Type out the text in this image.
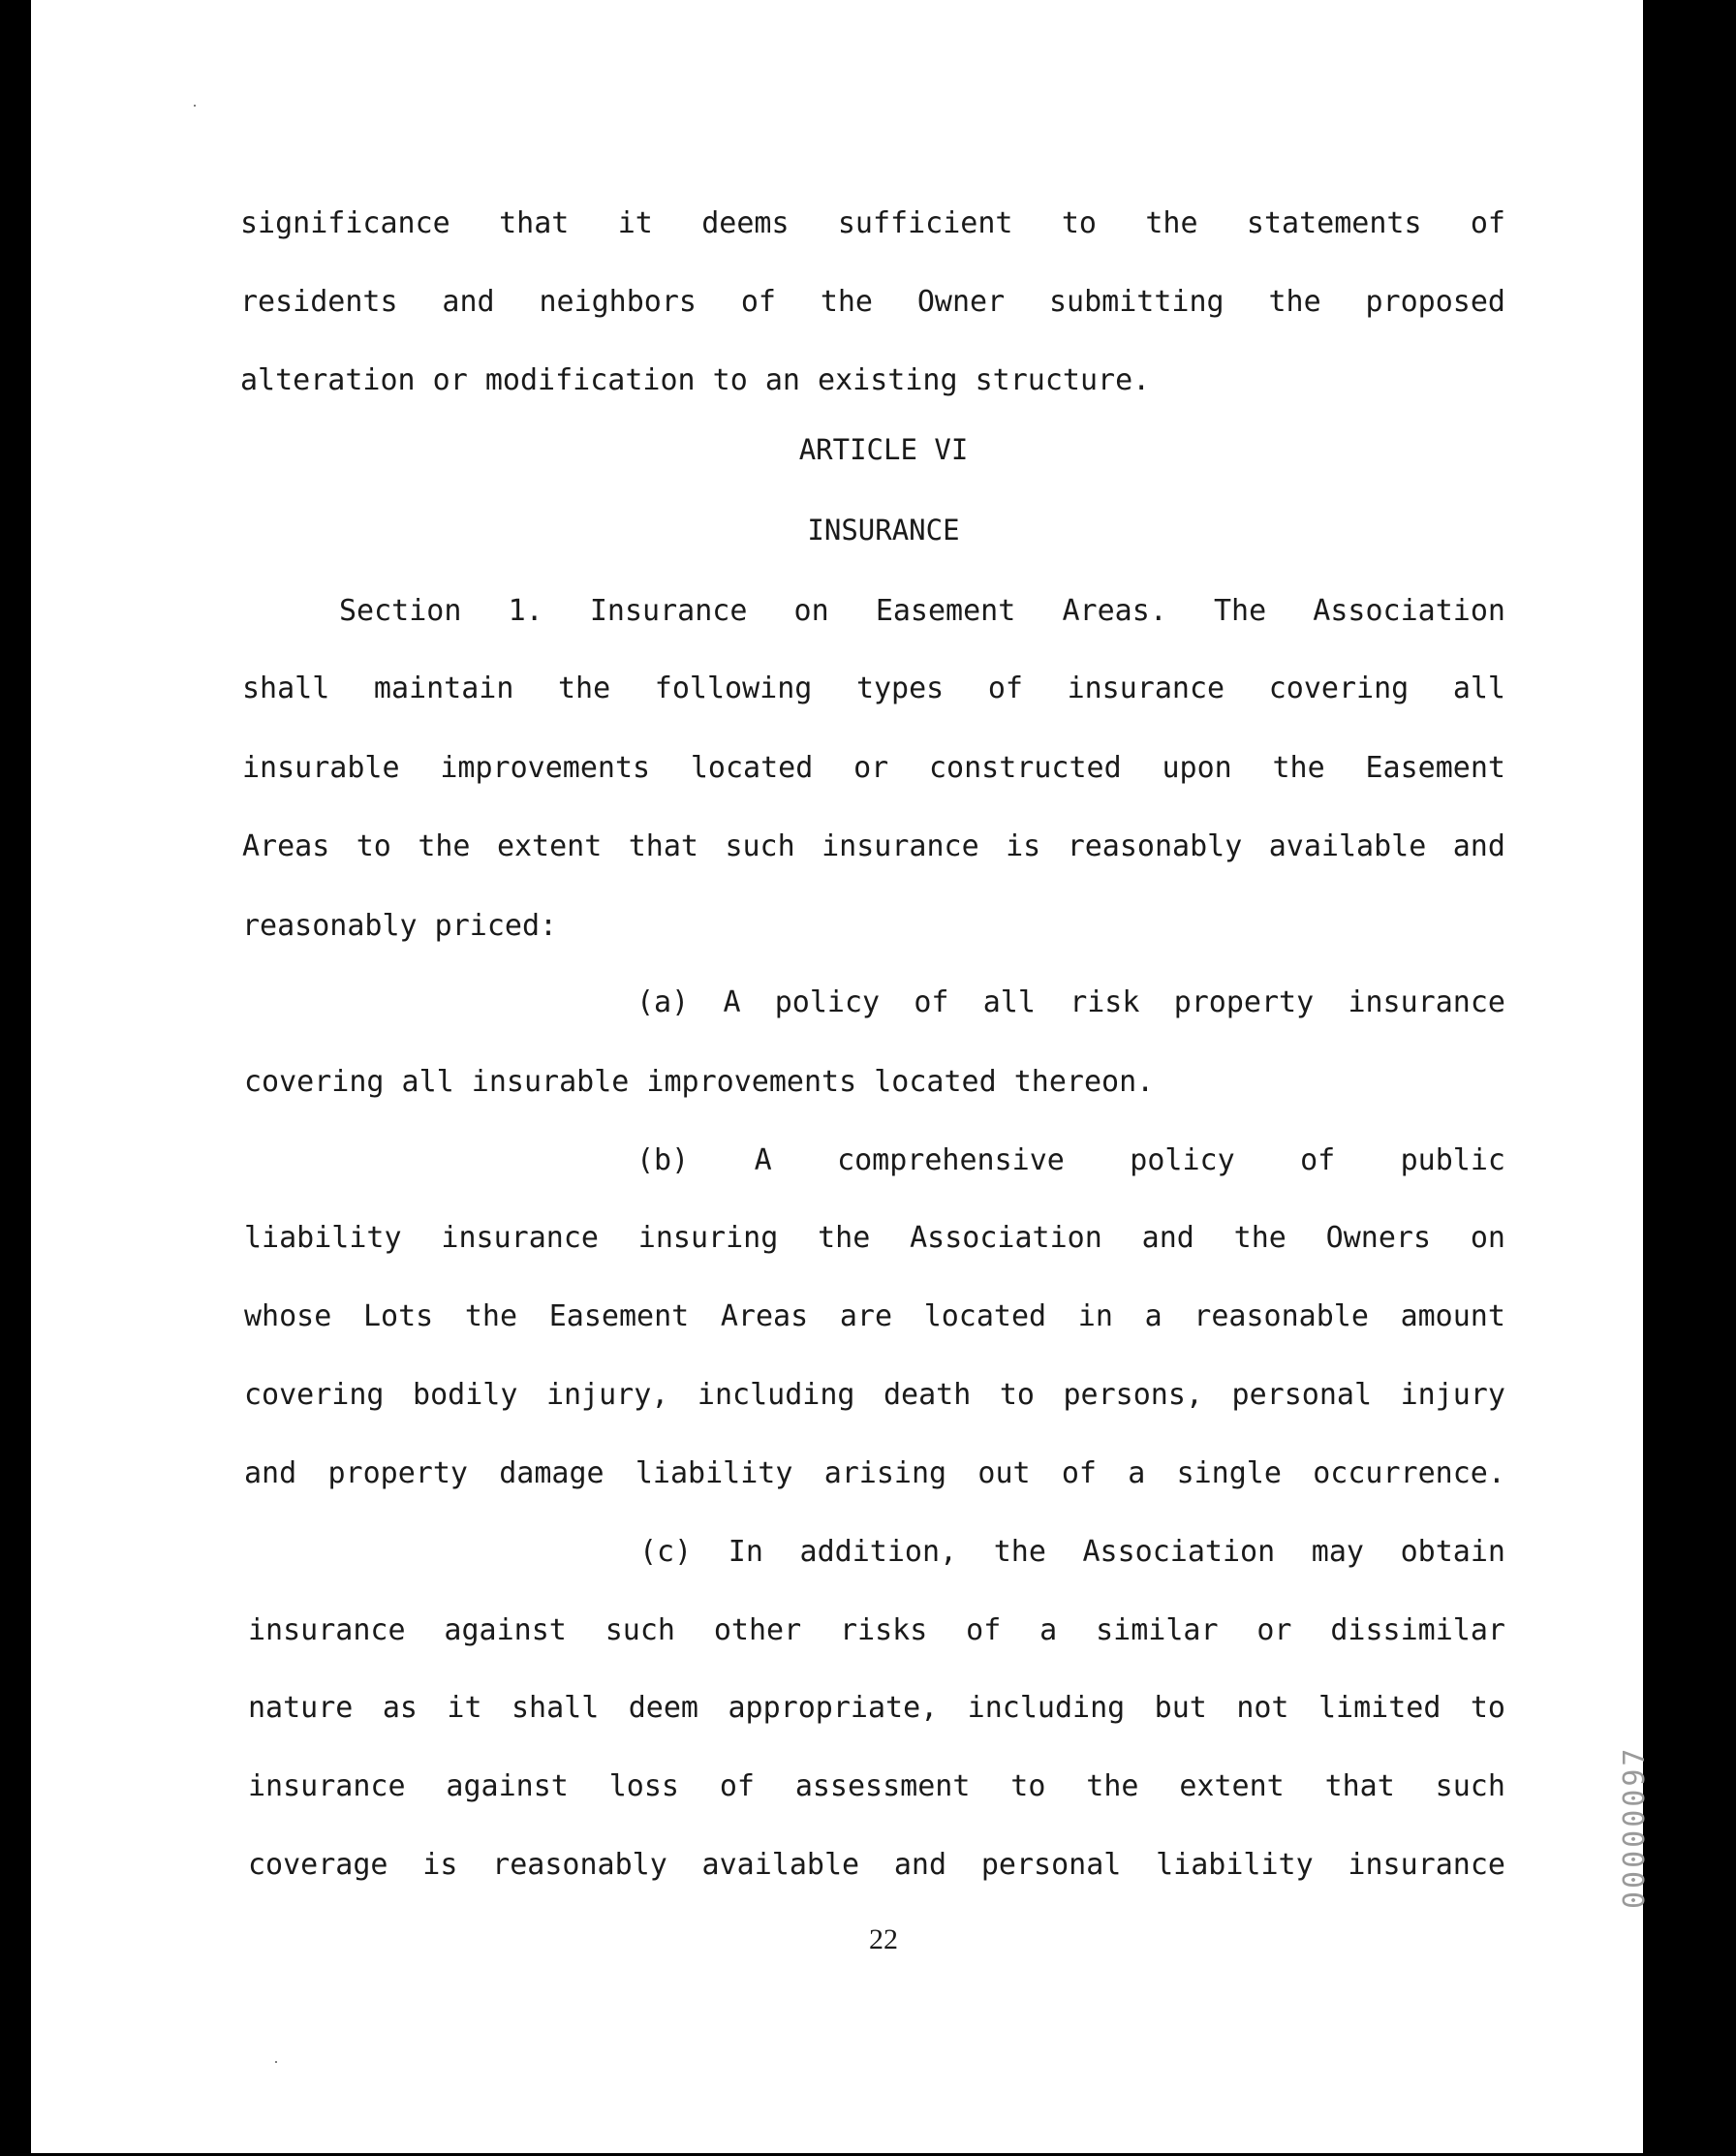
significance that it deems sufficient to the statements of
residents and neighbors of the Owner submitting the proposed
alteration or modification to an existing structure.
Section 1. Insurance on Easement Areas. The Association
shall maintain the following types of insurance covering all
insurable improvements located or constructed upon the Easement
Areas to the extent that such insurance is reasonably available and
reasonably priced:
(a) A policy of all risk property insurance
covering all insurable improvements located thereon.
(b) A comprehensive policy of public
liability insurance insuring the Association and the Owners on
whose Lots the Easement Areas are located in a reasonable amount
covering bodily injury, including death to persons, personal injury
and property damage liability arising out of a single occurrence.
(c) In addition, the Association may obtain
insurance against such other risks of a similar or dissimilar
nature as it shall deem appropriate, including but not limited to
insurance against loss of assessment to the extent that such
coverage is reasonably available and personal liability insurance
ARTICLE VI
INSURANCE
22
00000097
